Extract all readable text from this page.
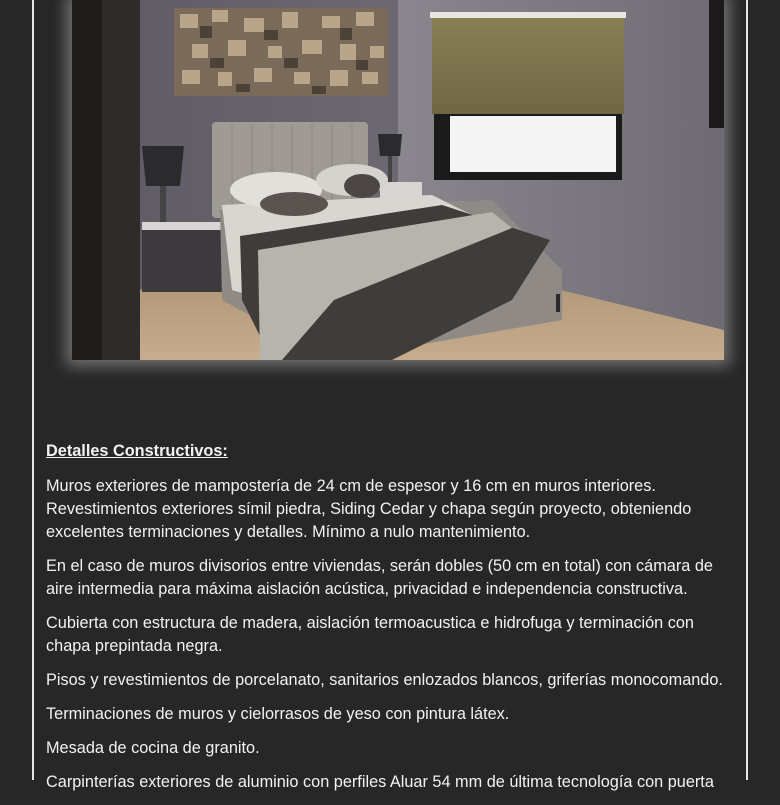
Detalles Constructivos:

Muros exteriores de mampostería de 24 cm de espesor y 16 cm en muros interiores. Revestimientos exteriores símil piedra, Siding Cedar y chapa según proyecto, obteniendo excelentes terminaciones y detalles. Mínimo a nulo mantenimiento.

En el caso de muros divisorios entre viviendas, serán dobles (50 cm en total) con cámara de aire intermedia para máxima aislación acústica, privacidad e independencia constructiva.

Cubierta con estructura de madera, aislación termoacustica e hidrofuga y terminación con chapa prepintada negra.

Pisos y revestimientos de porcelanato, sanitarios enlozados blancos, griferías monocomando.

Terminaciones de muros y cielorrasos de yeso con pintura látex.

Mesada de cocina de granito.

Carpinterías exteriores de aluminio con perfiles Aluar 54 mm de última tecnología con puerta
